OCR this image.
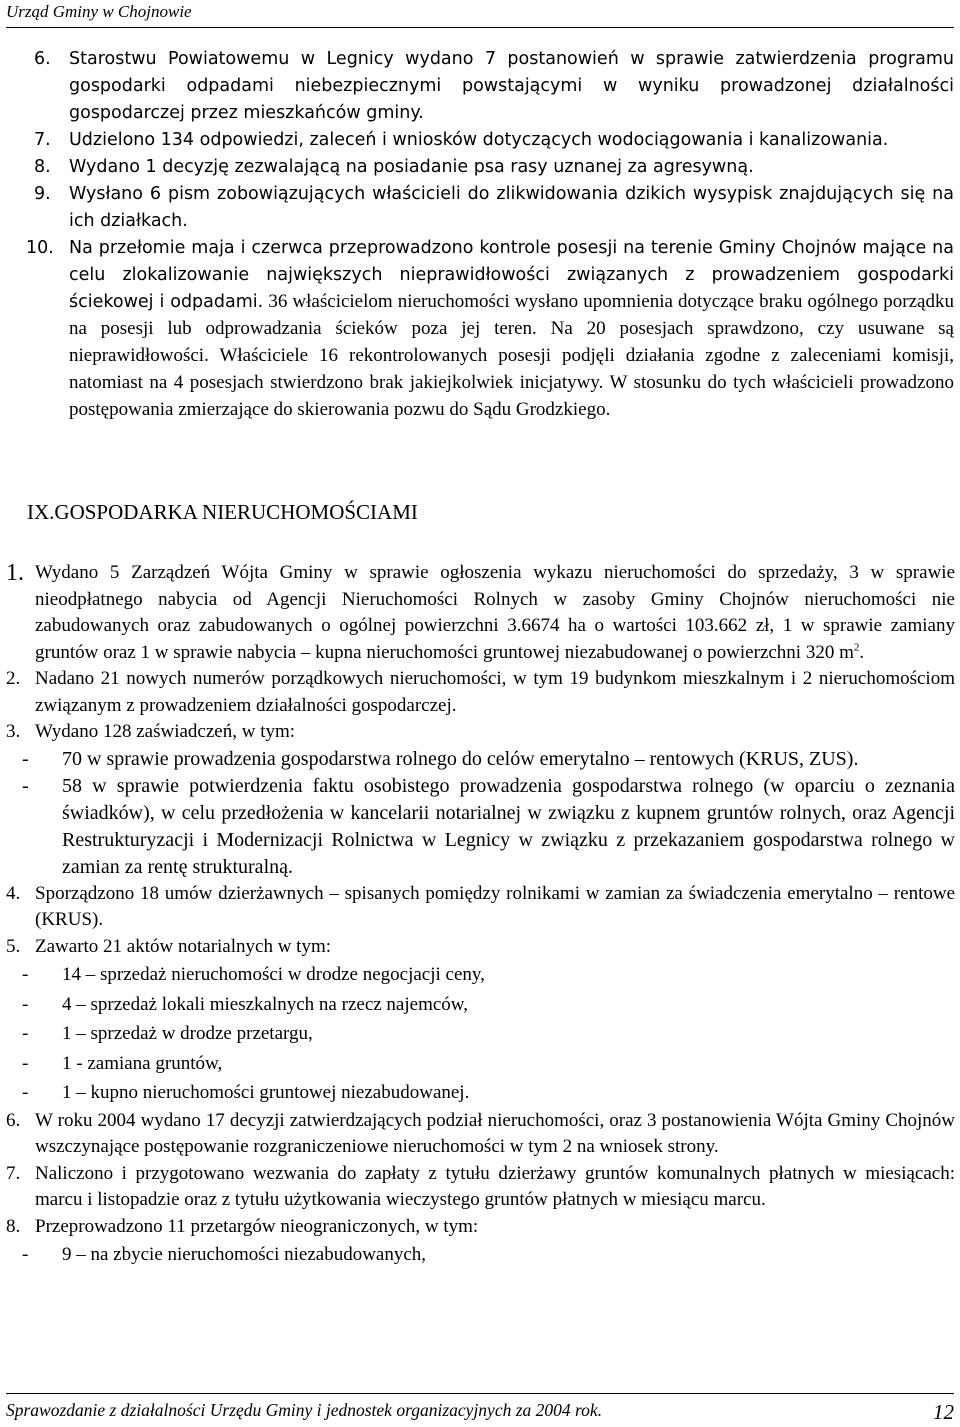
Urząd Gminy w Chojnowie
6. Starostwu Powiatowemu w Legnicy wydano 7 postanowień w sprawie zatwierdzenia programu gospodarki odpadami niebezpiecznymi powstającymi w wyniku prowadzonej działalności gospodarczej przez mieszkańców gminy.
7. Udzielono 134 odpowiedzi, zaleceń i wniosków dotyczących wodociągowania i kanalizowania.
8. Wydano 1 decyzję zezwalającą na posiadanie psa rasy uznanej za agresywną.
9. Wysłano 6 pism zobowiązujących właścicieli do zlikwidowania dzikich wysypisk znajdujących się na ich działkach.
10. Na przełomie maja i czerwca przeprowadzono kontrole posesji na terenie Gminy Chojnów mające na celu zlokalizowanie największych nieprawidłowości związanych z prowadzeniem gospodarki ściekowej i odpadami. 36 właścicielom nieruchomości wysłano upomnienia dotyczące braku ogólnego porządku na posesji lub odprowadzania ścieków poza jej teren. Na 20 posesjach sprawdzono, czy usuwane są nieprawidłowości. Właściciele 16 rekontrolowanych posesji podjęli działania zgodne z zaleceniami komisji, natomiast na 4 posesjach stwierdzono brak jakiejkolwiek inicjatywy. W stosunku do tych właścicieli prowadzono postępowania zmierzające do skierowania pozwu do Sądu Grodzkiego.
IX.GOSPODARKA NIERUCHOMOŚCIAMI
1. Wydano 5 Zarządzeń Wójta Gminy w sprawie ogłoszenia wykazu nieruchomości do sprzedaży, 3 w sprawie nieodpłatnego nabycia od Agencji Nieruchomości Rolnych w zasoby Gminy Chojnów nieruchomości nie zabudowanych oraz zabudowanych o ogólnej powierzchni 3.6674 ha o wartości 103.662 zł, 1 w sprawie zamiany gruntów oraz 1 w sprawie nabycia – kupna nieruchomości gruntowej niezabudowanej o powierzchni 320 $m^2$.
2. Nadano 21 nowych numerów porządkowych nieruchomości, w tym 19 budynkom mieszkalnym i 2 nieruchomościom związanym z prowadzeniem działalności gospodarczej.
3. Wydano 128 zaświadczeń, w tym:
- 70 w sprawie prowadzenia gospodarstwa rolnego do celów emerytalno – rentowych (KRUS, ZUS).
- 58 w sprawie potwierdzenia faktu osobistego prowadzenia gospodarstwa rolnego (w oparciu o zeznania świadków), w celu przedłożenia w kancelarii notarialnej w związku z kupnem gruntów rolnych, oraz Agencji Restrukturyzacji i Modernizacji Rolnictwa w Legnicy w związku z przekazaniem gospodarstwa rolnego w zamian za rentę strukturalną.
4. Sporządzono 18 umów dzierżawnych – spisanych pomiędzy rolnikami w zamian za świadczenia emerytalno – rentowe (KRUS).
5. Zawarto 21 aktów notarialnych w tym:
- 14 – sprzedaż nieruchomości w drodze negocjacji ceny,
- 4 – sprzedaż lokali mieszkalnych na rzecz najemców,
- 1 – sprzedaż w drodze przetargu,
- 1 - zamiana gruntów,
- 1 – kupno nieruchomości gruntowej niezabudowanej.
6. W roku 2004 wydano 17 decyzji zatwierdzających podział nieruchomości, oraz 3 postanowienia Wójta Gminy Chojnów wszczynające postępowanie rozgraniczeniowe nieruchomości w tym 2 na wniosek strony.
7. Naliczono i przygotowano wezwania do zapłaty z tytułu dzierżawy gruntów komunalnych płatnych w miesiącach: marcu i listopadzie oraz z tytułu użytkowania wieczystego gruntów płatnych w miesiącu marcu.
8. Przeprowadzono 11 przetargów nieograniczonych, w tym:
- 9 – na zbycie nieruchomości niezabudowanych,
Sprawozdanie z działalności Urzędu Gminy i jednostek organizacyjnych za 2004 rok.	12
